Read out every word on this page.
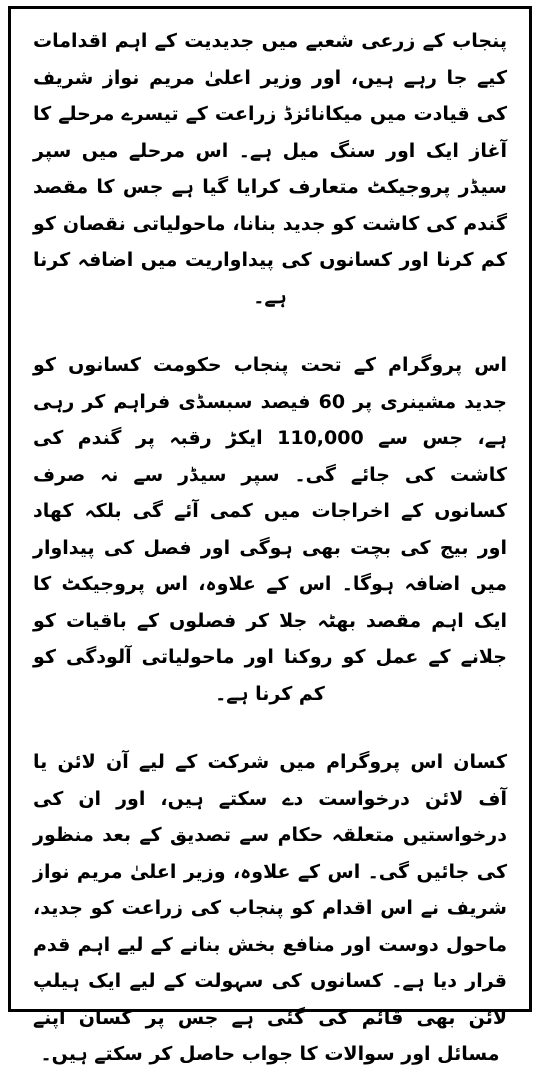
پنجاب کے زرعی شعبے میں جدیدیت کے اہم اقدامات کیے جا رہے ہیں، اور وزیر اعلیٰ مریم نواز شریف کی قیادت میں میکانائزڈ زراعت کے تیسرے مرحلے کا آغاز ایک اور سنگ میل ہے۔ اس مرحلے میں سپر سیڈر پروجیکٹ متعارف کرایا گیا ہے جس کا مقصد گندم کی کاشت کو جدید بنانا، ماحولیاتی نقصان کو کم کرنا اور کسانوں کی پیداواریت میں اضافہ کرنا ہے۔

اس پروگرام کے تحت پنجاب حکومت کسانوں کو جدید مشینری پر 60 فیصد سبسڈی فراہم کر رہی ہے، جس سے 110,000 ایکڑ رقبہ پر گندم کی کاشت کی جائے گی۔ سپر سیڈر سے نہ صرف کسانوں کے اخراجات میں کمی آئے گی بلکہ کھاد اور بیج کی بچت بھی ہوگی اور فصل کی پیداوار میں اضافہ ہوگا۔ اس کے علاوہ، اس پروجیکٹ کا ایک اہم مقصد بھٹہ جلا کر فصلوں کے باقیات کو جلانے کے عمل کو روکنا اور ماحولیاتی آلودگی کو کم کرنا ہے۔

کسان اس پروگرام میں شرکت کے لیے آن لائن یا آف لائن درخواست دے سکتے ہیں، اور ان کی درخواستیں متعلقہ حکام سے تصدیق کے بعد منظور کی جائیں گی۔ اس کے علاوہ، وزیر اعلیٰ مریم نواز شریف نے اس اقدام کو پنجاب کی زراعت کو جدید، ماحول دوست اور منافع بخش بنانے کے لیے اہم قدم قرار دیا ہے۔ کسانوں کی سہولت کے لیے ایک ہیلپ لائن بھی قائم کی گئی ہے جس پر کسان اپنے مسائل اور سوالات کا جواب حاصل کر سکتے ہیں۔
